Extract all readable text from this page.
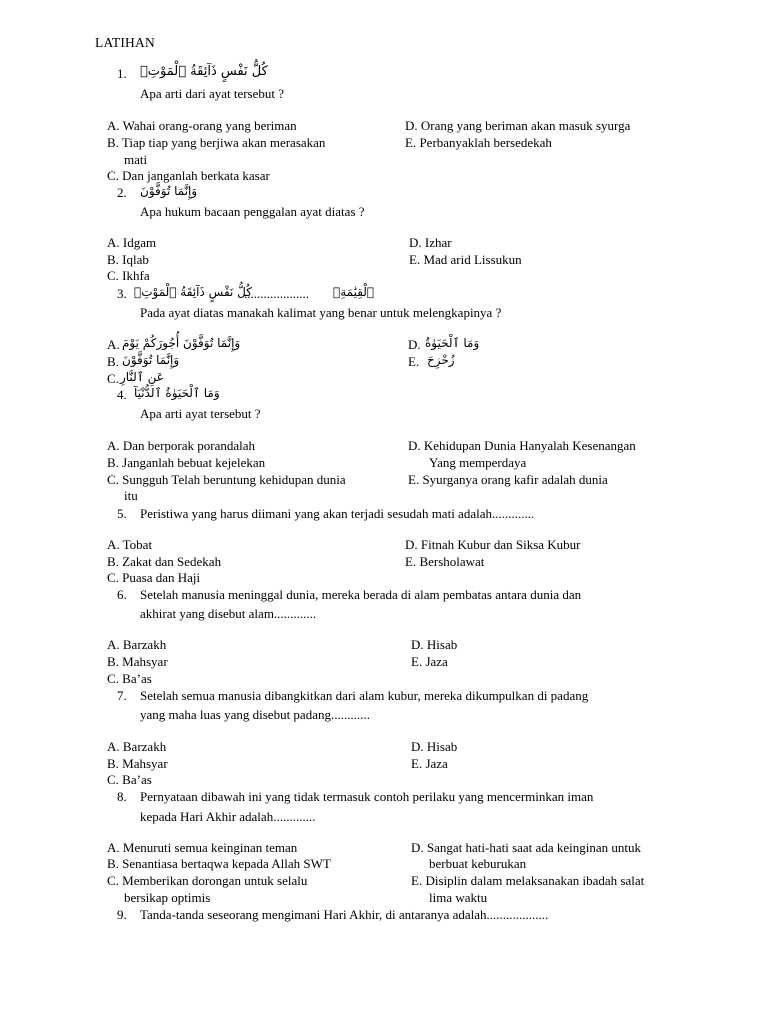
LATIHAN
1. كُلُّ نَفْسٍ ذَآئِقَةُ ٱلْمَوْتِۗ
Apa arti dari ayat tersebut ?
A. Wahai orang-orang yang beriman
B. Tiap tiap yang berjiwa akan merasakan
mati
C. Dan janganlah berkata kasar
D. Orang yang beriman akan masuk syurga
E. Perbanyaklah bersedekah
2. وَإِنَّمَا تُوَفَّوْنَ
Apa hukum bacaan penggalan ayat diatas ?
A. Idgam
B. Iqlab
C. Ikhfa
D. Izhar
E. Mad arid Lissukun
3. كُلُّ نَفْسٍ ذَآئِقَةُ ٱلْمَوْتِۗ
.................... ٱلْقِيَٰمَةِۖ
Pada ayat diatas manakah kalimat yang benar untuk melengkapinya ?
A. وَإِنَّمَا تُوَفَّوْنَ أُجُورَكُمْ يَوْمَ
B. وَإِنَّمَا تُوَفَّوْنَ
C. عَنِ ٱلنَّارِ
D. وَمَا ٱلْحَيَوٰةُ
E. زُحْزِحَ
4. وَمَا ٱلْحَيَوٰةُ ٱلدُّنْيَآ
Apa arti ayat tersebut ?
A. Dan berporak porandalah
B. Janganlah bebuat kejelekan
C. Sungguh Telah beruntung kehidupan dunia
itu
D. Kehidupan Dunia Hanyalah Kesenangan
Yang memperdaya
E. Syurganya orang kafir adalah dunia
5. Peristiwa yang harus diimani yang akan terjadi sesudah mati adalah.............
A. Tobat
B. Zakat dan Sedekah
C. Puasa dan Haji
D. Fitnah Kubur dan Siksa Kubur
E. Bersholawat
6. Setelah manusia meninggal dunia, mereka berada di alam pembatas antara dunia dan
akhirat yang disebut alam.............
A. Barzakh
B. Mahsyar
C. Ba’as
D. Hisab
E. Jaza
7. Setelah semua manusia dibangkitkan dari alam kubur, mereka dikumpulkan di padang
yang maha luas yang disebut padang............
A. Barzakh
B. Mahsyar
C. Ba’as
D. Hisab
E. Jaza
8. Pernyataan dibawah ini yang tidak termasuk contoh perilaku yang mencerminkan iman
kepada Hari Akhir adalah.............
A. Menuruti semua keinginan teman
B. Senantiasa bertaqwa kepada Allah SWT
C. Memberikan dorongan untuk selalu
bersikap optimis
D. Sangat hati-hati saat ada keinginan untuk
berbuat keburukan
E. Disiplin dalam melaksanakan ibadah salat
lima waktu
9. Tanda-tanda seseorang mengimani Hari Akhir, di antaranya adalah...................
